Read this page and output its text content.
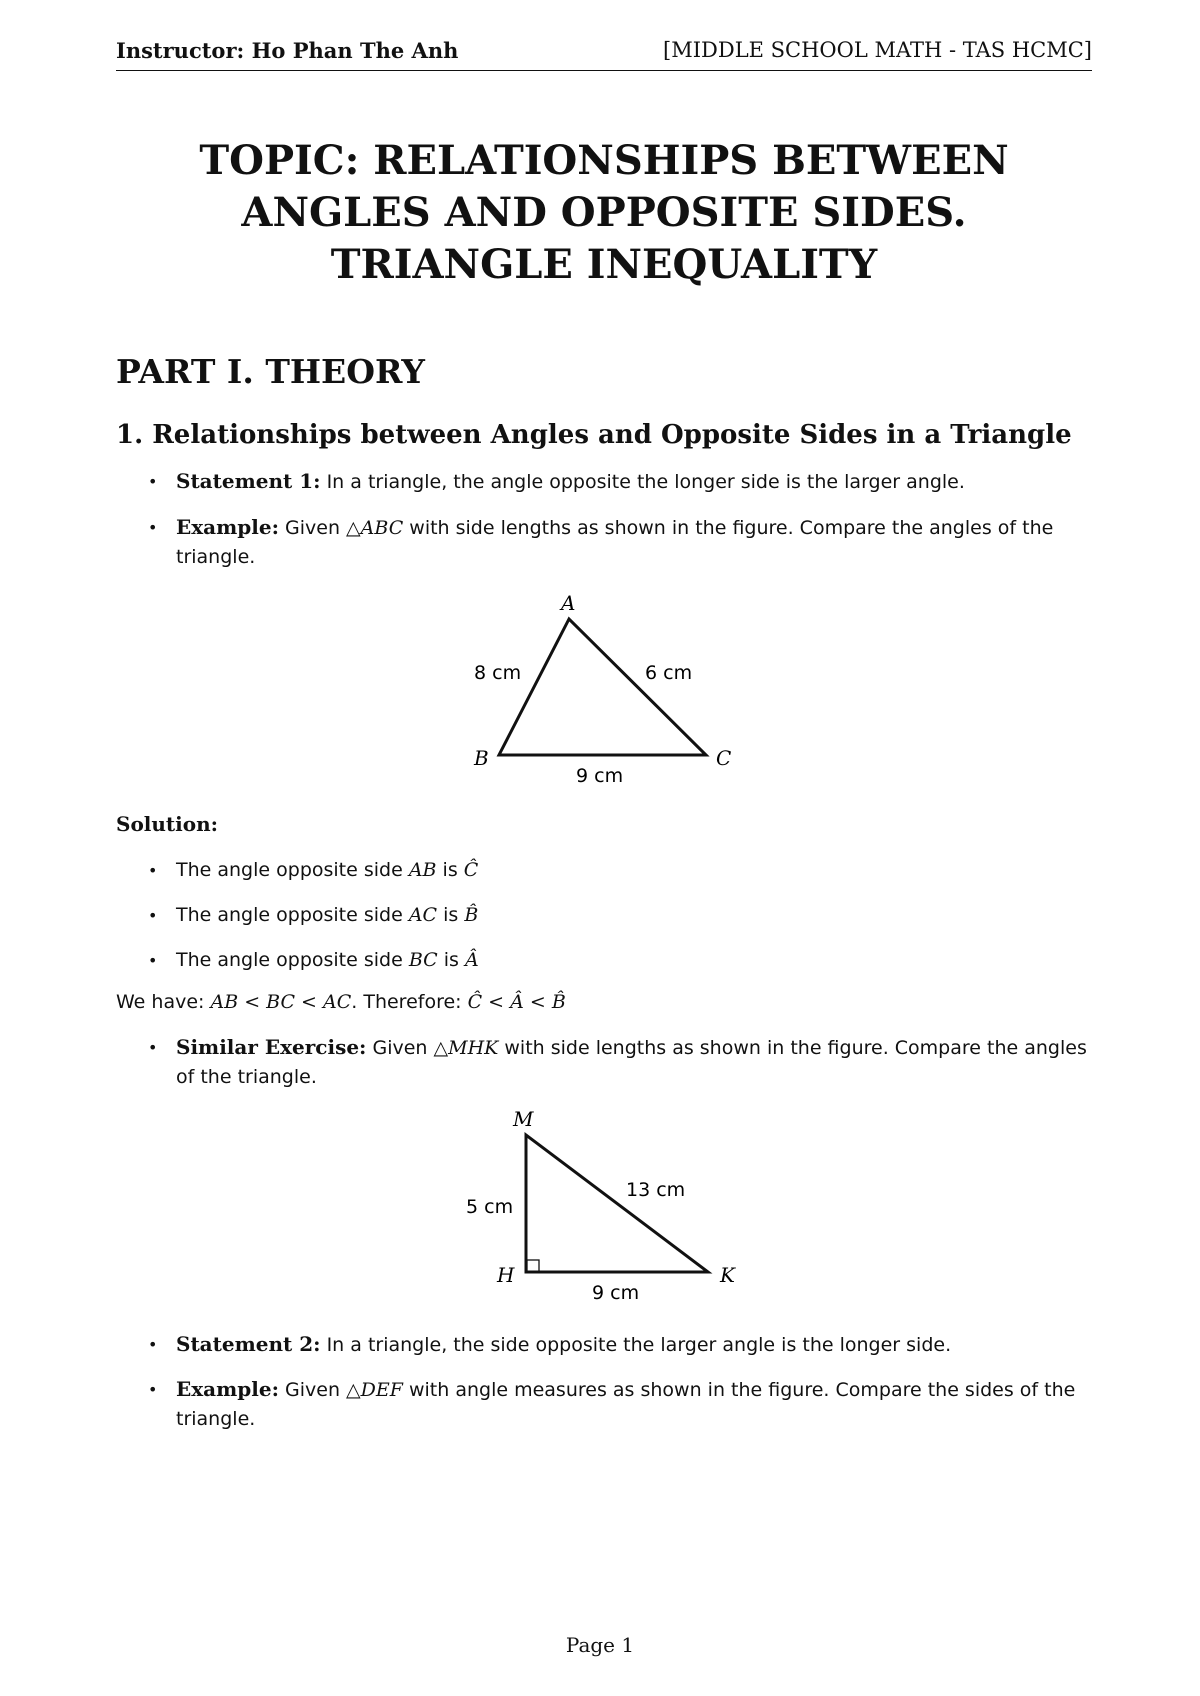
Instructor: Ho Phan The Anh	[MIDDLE SCHOOL MATH - TAS HCMC]
TOPIC: RELATIONSHIPS BETWEEN
ANGLES AND OPPOSITE SIDES.
TRIANGLE INEQUALITY
PART I. THEORY
1. Relationships between Angles and Opposite Sides in a Triangle
• Statement 1: In a triangle, the angle opposite the longer side is the larger angle.
• Example: Given △ABC with side lengths as shown in the figure. Compare the angles of the triangle.
A
B	C
8 cm	6 cm
9 cm
M
H	K
5 cm
13 cm
9 cm
Solution:
• The angle opposite side AB is Ĉ
• The angle opposite side AC is B̂
• The angle opposite side BC is Â
We have: AB < BC < AC. Therefore: Ĉ < Â < B̂
• Similar Exercise: Given △MHK with side lengths as shown in the figure. Compare the angles of the triangle.
• Statement 2: In a triangle, the side opposite the larger angle is the longer side.
• Example: Given △DEF with angle measures as shown in the figure. Compare the sides of the triangle.
Page 1
